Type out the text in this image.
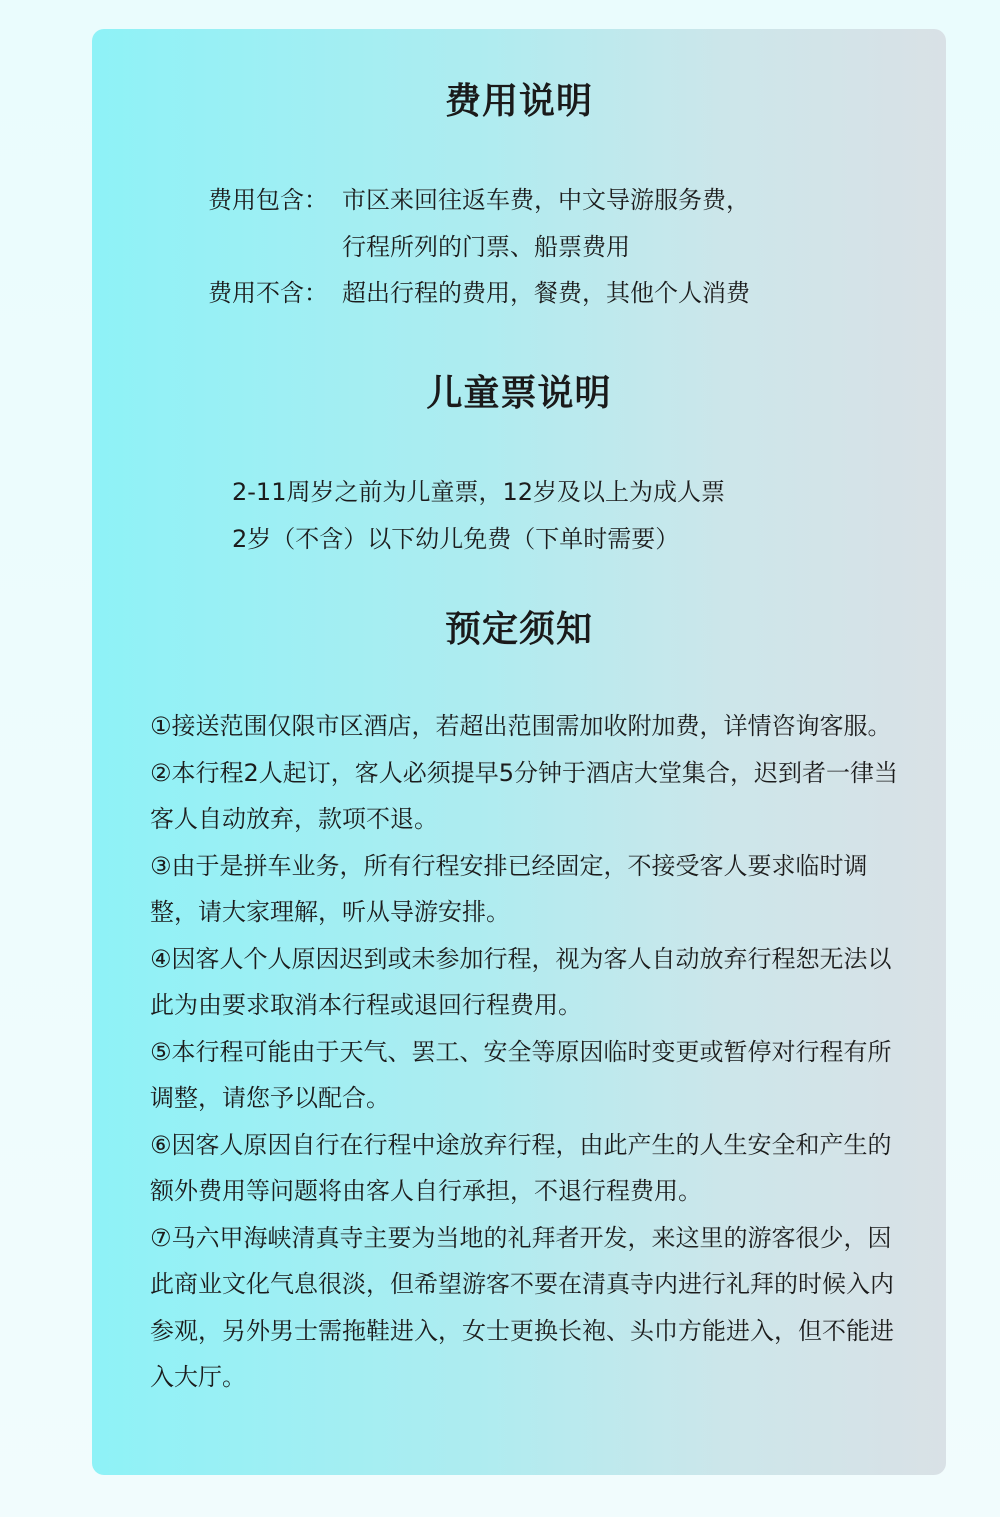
费用说明
费用包含： 市区来回往返车费，中文导游服务费，
行程所列的门票、船票费用
费用不含： 超出行程的费用，餐费，其他个人消费
儿童票说明
2-11周岁之前为儿童票，12岁及以上为成人票
2岁（不含）以下幼儿免费（下单时需要）
预定须知

①接送范围仅限市区酒店，若超出范围需加收附加费，详情咨询客服。

②本行程2人起订，客人必须提早5分钟于酒店大堂集合，迟到者一律当客人自动放弃，款项不退。

③由于是拼车业务，所有行程安排已经固定，不接受客人要求临时调整，请大家理解，听从导游安排。

④因客人个人原因迟到或未参加行程，视为客人自动放弃行程恕无法以此为由要求取消本行程或退回行程费用。

⑤本行程可能由于天气、罢工、安全等原因临时变更或暂停对行程有所调整，请您予以配合。

⑥因客人原因自行在行程中途放弃行程，由此产生的人生安全和产生的额外费用等问题将由客人自行承担，不退行程费用。

⑦马六甲海峡清真寺主要为当地的礼拜者开发，来这里的游客很少，因此商业文化气息很淡，但希望游客不要在清真寺内进行礼拜的时候入内参观，另外男士需拖鞋进入，女士更换长袍、头巾方能进入，但不能进入大厅。
